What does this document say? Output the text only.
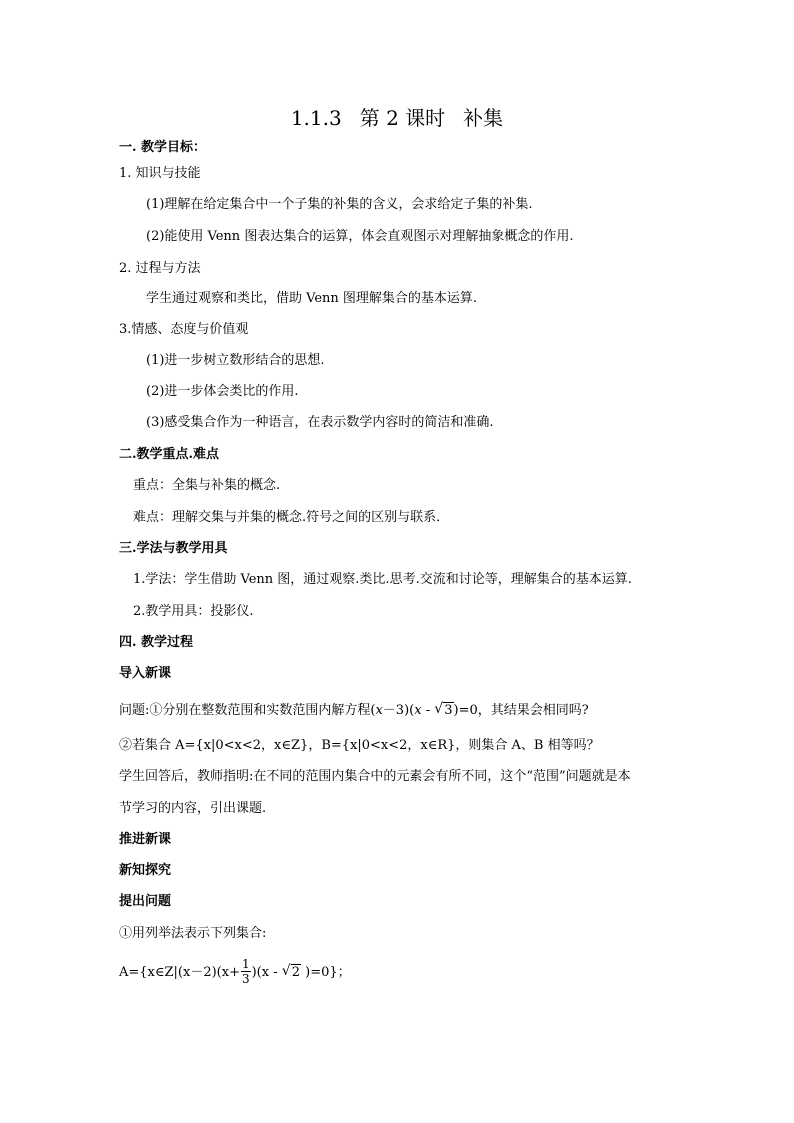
1.1.3 第 2 课时 补集
一. 教学目标：
1. 知识与技能
(1)理解在给定集合中一个子集的补集的含义，会求给定子集的补集.
(2)能使用 Venn 图表达集合的运算，体会直观图示对理解抽象概念的作用.
2. 过程与方法
学生通过观察和类比，借助 Venn 图理解集合的基本运算.
3.情感、态度与价值观
(1)进一步树立数形结合的思想.
(2)进一步体会类比的作用.
(3)感受集合作为一种语言，在表示数学内容时的简洁和准确.
二.教学重点.难点
重点：全集与补集的概念.
难点：理解交集与并集的概念.符号之间的区别与联系．
三.学法与教学用具
1.学法：学生借助 Venn 图，通过观察.类比.思考.交流和讨论等，理解集合的基本运算.
2.教学用具：投影仪.
四. 教学过程
导入新课
问题:①分别在整数范围和实数范围内解方程(x－3)(x - √ 3)=0，其结果会相同吗?
②若集合 A={x|0<x<2，x∈Z}，B={x|0<x<2，x∈R}，则集合 A、B 相等吗？
学生回答后，教师指明:在不同的范围内集合中的元素会有所不同，这个“范围”问题就是本
节学习的内容，引出课题.
推进新课
新知探究
提出问题
①用列举法表示下列集合:
A={x∈Z|(x－2)(x+ $\frac{1}{3} )(x$ - √ 2 )=0}；
